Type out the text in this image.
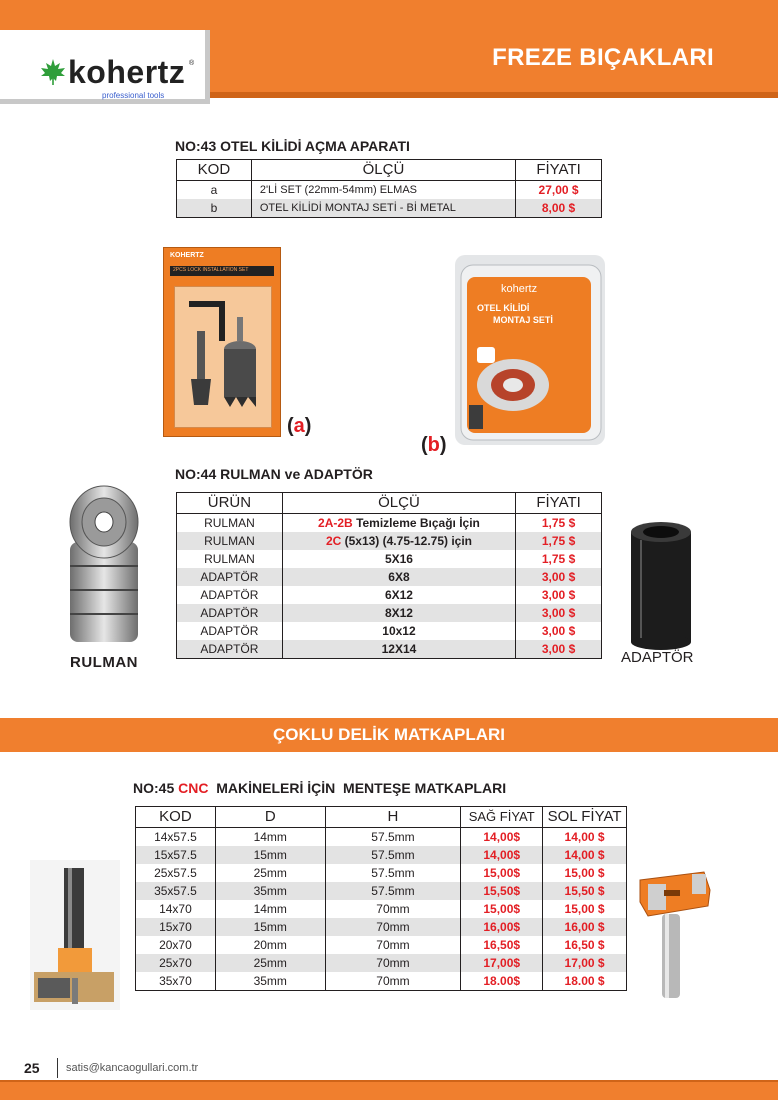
kohertz ®
professional tools
FREZE BIÇAKLARI
NO:43 OTEL KİLİDİ AÇMA APARATI
KOD	ÖLÇÜ	FİYATI
a	2'Lİ SET (22mm-54mm) ELMAS	27,00 $
b	OTEL KİLİDİ MONTAJ SETİ - Bİ METAL	8,00 $
KOHERTZ
2PCS LOCK INSTALLATION SET
(a)
kohertz
OTEL KİLİDİ
MONTAJ SETİ
(b)
NO:44 RULMAN ve ADAPTÖR
ÜRÜN	ÖLÇÜ	FİYATI
RULMAN	2A-2B Temizleme Bıçağı İçin	1,75 $
RULMAN	2C (5x13) (4.75-12.75) için	1,75 $
RULMAN	5X16	1,75 $
ADAPTÖR	6X8	3,00 $
ADAPTÖR	6X12	3,00 $
ADAPTÖR	8X12	3,00 $
ADAPTÖR	10x12	3,00 $
ADAPTÖR	12X14	3,00 $
RULMAN	ADAPTÖR
ÇOKLU DELİK MATKAPLARI
NO:45 CNC  MAKİNELERİ İÇİN  MENTEŞE MATKAPLARI
KOD	D	H	SAĞ FİYAT	SOL FİYAT
14x57.5	14mm	57.5mm	14,00$	14,00 $
15x57.5	15mm	57.5mm	14,00$	14,00 $
25x57.5	25mm	57.5mm	15,00$	15,00 $
35x57.5	35mm	57.5mm	15,50$	15,50 $
14x70	14mm	70mm	15,00$	15,00 $
15x70	15mm	70mm	16,00$	16,00 $
20x70	20mm	70mm	16,50$	16,50 $
25x70	25mm	70mm	17,00$	17,00 $
35x70	35mm	70mm	18.00$	18.00 $
25 satis@kancaogullari.com.tr
